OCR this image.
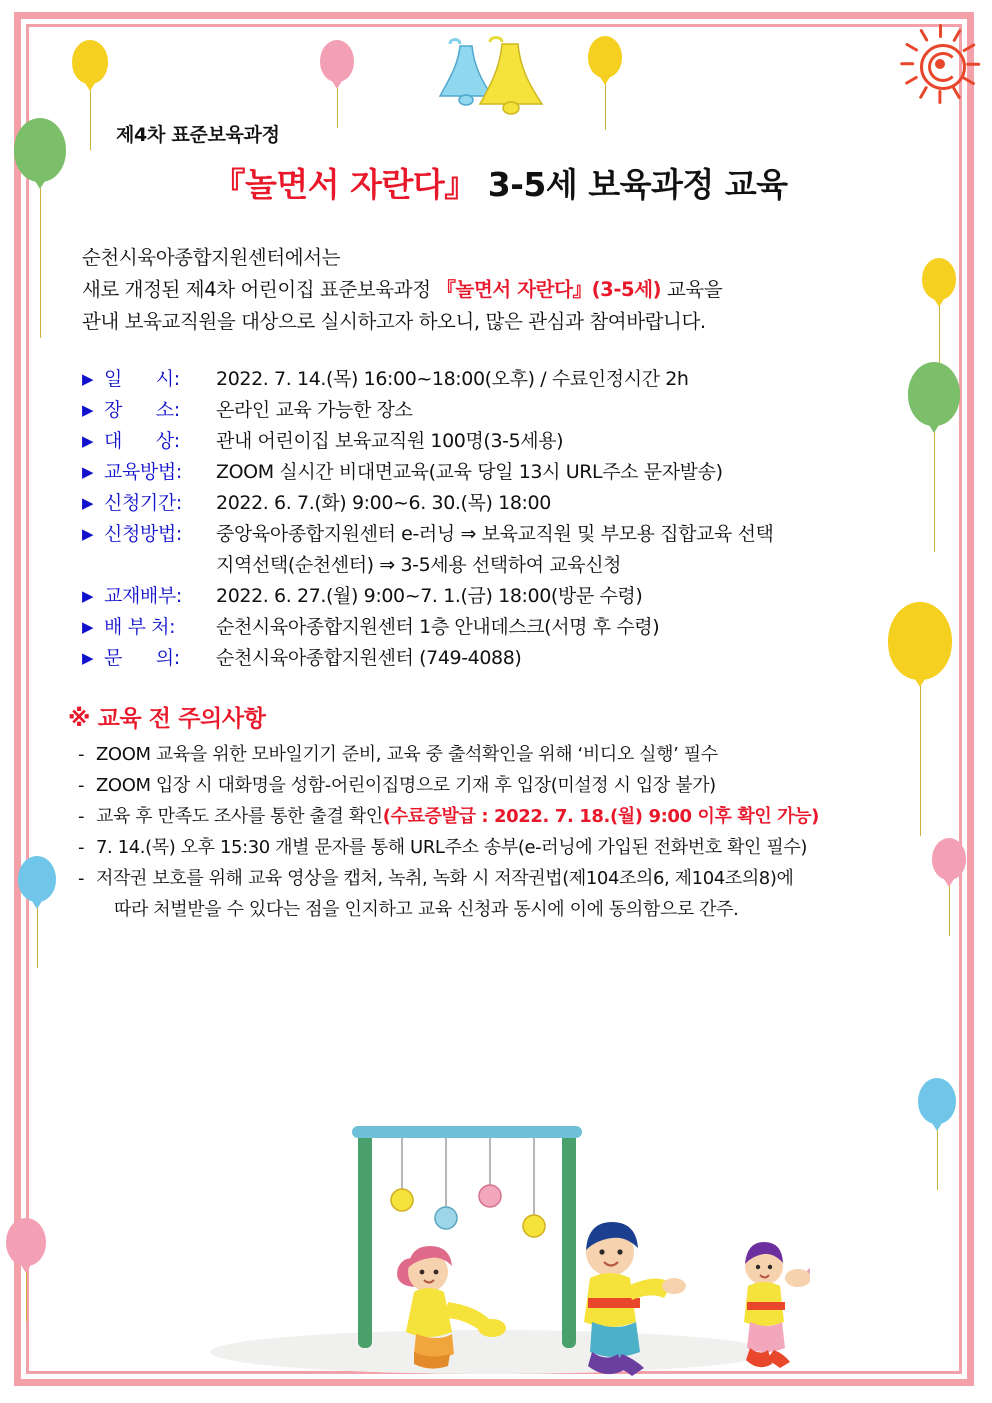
제4차 표준보육과정
『놀면서 자란다』 3-5세 보육과정 교육
순천시육아종합지원센터에서는
새로 개정된 제4차 어린이집 표준보육과정 『놀면서 자란다』(3-5세) 교육을
관내 보육교직원을 대상으로 실시하고자 하오니, 많은 관심과 참여바랍니다.
▶ 일      시:	2022. 7. 14.(목) 16:00~18:00(오후) / 수료인정시간 2h
▶ 장      소:	온라인 교육 가능한 장소
▶ 대      상:	관내 어린이집 보육교직원 100명(3-5세용)
▶ 교육방법:	ZOOM 실시간 비대면교육(교육 당일 13시 URL주소 문자발송)
▶ 신청기간:	2022. 6. 7.(화) 9:00~6. 30.(목) 18:00
▶ 신청방법:	중앙육아종합지원센터 e-러닝 ⇒ 보육교직원 및 부모용 집합교육 선택
지역선택(순천센터) ⇒ 3-5세용 선택하여 교육신청
▶ 교재배부:	2022. 6. 27.(월) 9:00~7. 1.(금) 18:00(방문 수령)
▶ 배 부 처:	순천시육아종합지원센터 1층 안내데스크(서명 후 수령)
▶ 문      의:	순천시육아종합지원센터 (749-4088)
※ 교육 전 주의사항
- ZOOM 교육을 위한 모바일기기 준비, 교육 중 출석확인을 위해 ‘비디오 실행’ 필수
- ZOOM 입장 시 대화명을 성함-어린이집명으로 기재 후 입장(미설정 시 입장 불가)
- 교육 후 만족도 조사를 통한 출결 확인(수료증발급 : 2022. 7. 18.(월) 9:00 이후 확인 가능)
- 7. 14.(목) 오후 15:30 개별 문자를 통해 URL주소 송부(e-러닝에 가입된 전화번호 확인 필수)
- 저작권 보호를 위해 교육 영상을 캡처, 녹취, 녹화 시 저작권법(제104조의6, 제104조의8)에
따라 처벌받을 수 있다는 점을 인지하고 교육 신청과 동시에 이에 동의함으로 간주.
